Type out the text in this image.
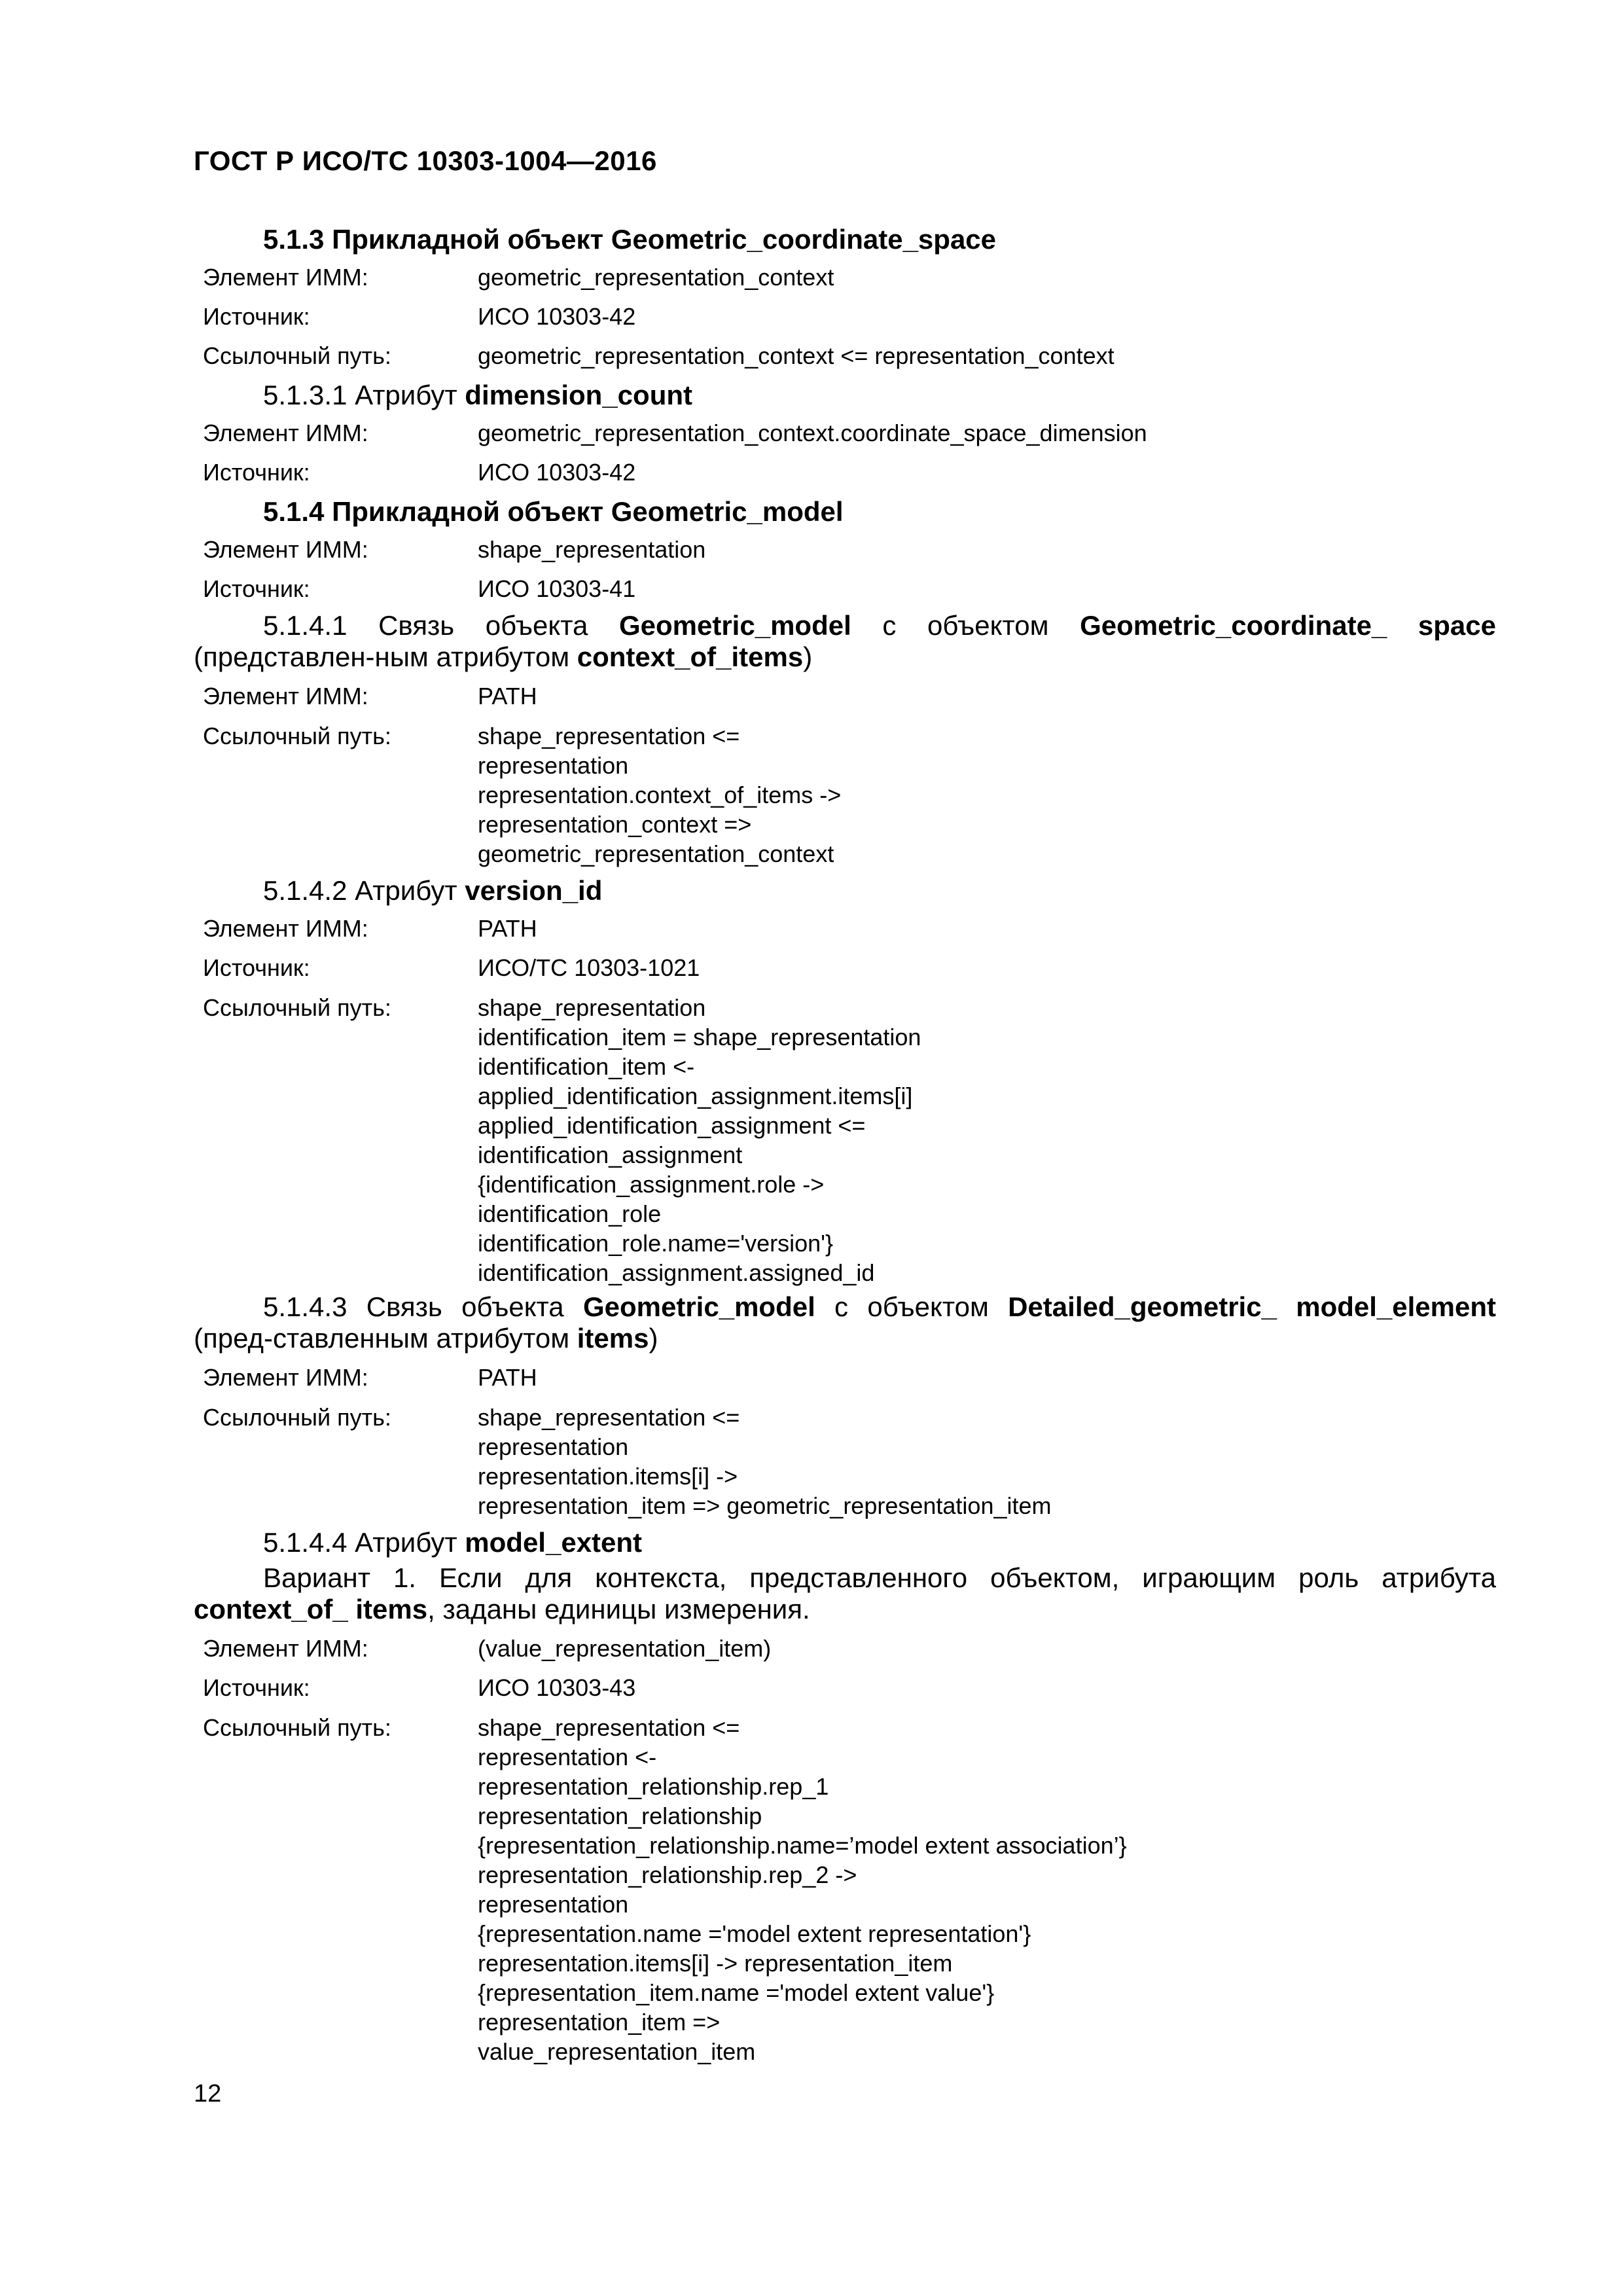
ГОСТ Р ИСО/ТС 10303-1004—2016
5.1.3 Прикладной объект Geometric_coordinate_space
Элемент ИММ:	geometric_representation_context
Источник:	ИСО 10303-42
Ссылочный путь:	geometric_representation_context <= representation_context
5.1.3.1 Атрибут dimension_count
Элемент ИММ:	geometric_representation_context.coordinate_space_dimension
Источник:	ИСО 10303-42
5.1.4 Прикладной объект Geometric_model
Элемент ИММ:	shape_representation
Источник:	ИСО 10303-41
5.1.4.1 Связь объекта Geometric_model с объектом Geometric_coordinate_ space (представлен-ным атрибутом context_of_items)
Элемент ИММ:	PATH
Ссылочный путь:	shape_representation <=
representation
representation.context_of_items ->
representation_context =>
geometric_representation_context
5.1.4.2 Атрибут version_id
Элемент ИММ:	PATH
Источник:	ИСО/ТС 10303-1021
Ссылочный путь:	shape_representation
identification_item = shape_representation
identification_item <-
applied_identification_assignment.items[i]
applied_identification_assignment <=
identification_assignment
{identification_assignment.role ->
identification_role
identification_role.name='version'}
identification_assignment.assigned_id
5.1.4.3 Связь объекта Geometric_model с объектом Detailed_geometric_ model_element (пред-ставленным атрибутом items)
Элемент ИММ:	PATH
Ссылочный путь:	shape_representation <=
representation
representation.items[i] ->
representation_item => geometric_representation_item
5.1.4.4 Атрибут model_extent
Вариант 1. Если для контекста, представленного объектом, играющим роль атрибута context_of_ items, заданы единицы измерения.
Элемент ИММ:	(value_representation_item)
Источник:	ИСО 10303-43
Ссылочный путь:	shape_representation <=
representation <-
representation_relationship.rep_1
representation_relationship
{representation_relationship.name=’model extent association’}
representation_relationship.rep_2 ->
representation
{representation.name ='model extent representation'}
representation.items[i] -> representation_item
{representation_item.name ='model extent value'}
representation_item =>
value_representation_item
12
